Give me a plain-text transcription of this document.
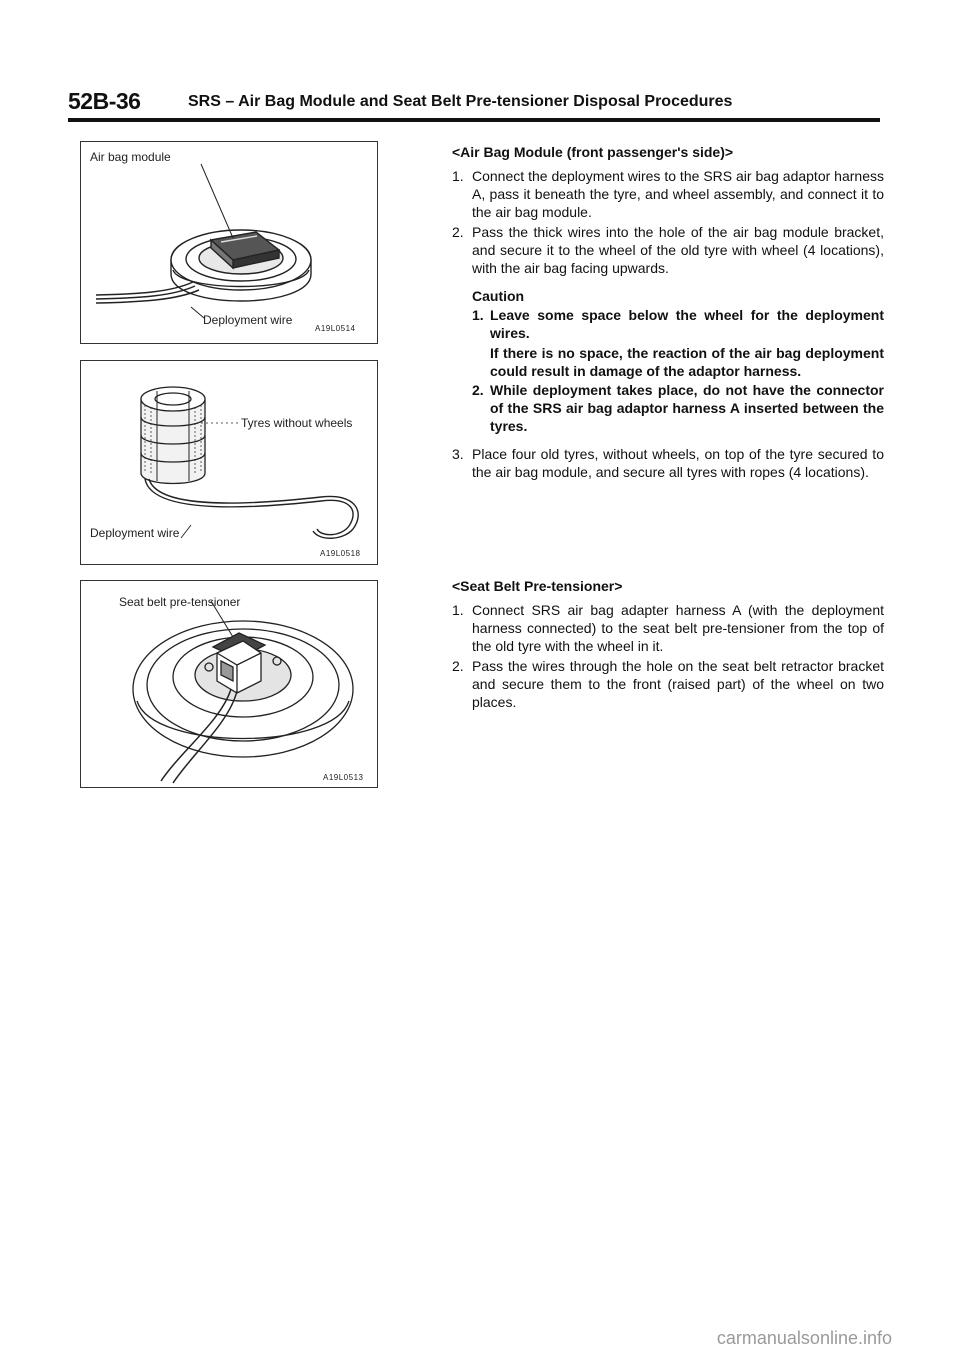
52B-36	SRS – Air Bag Module and Seat Belt Pre-tensioner Disposal Procedures
Air bag module
Deployment wire
A19L0514
Tyres without wheels
Deployment wire
A19L0518
Seat belt pre-tensioner
A19L0513
<Air Bag Module (front passenger's side)>
1. Connect the deployment wires to the SRS air bag adaptor harness A, pass it beneath the tyre, and wheel assembly, and connect it to the air bag module.
2. Pass the thick wires into the hole of the air bag module bracket, and secure it to the wheel of the old tyre with wheel (4 locations), with the air bag facing upwards.
Caution
1. Leave some space below the wheel for the deployment wires.
If there is no space, the reaction of the air bag deployment could result in damage of the adaptor harness.
2. While deployment takes place, do not have the connector of the SRS air bag adaptor harness A inserted between the tyres.
3. Place four old tyres, without wheels, on top of the tyre secured to the air bag module, and secure all tyres with ropes (4 locations).
<Seat Belt Pre-tensioner>
1. Connect SRS air bag adapter harness A (with the deployment harness connected) to the seat belt pre-tensioner from the top of the old tyre with the wheel in it.
2. Pass the wires through the hole on the seat belt retractor bracket and secure them to the front (raised part) of the wheel on two places.
carmanualsonline.info
